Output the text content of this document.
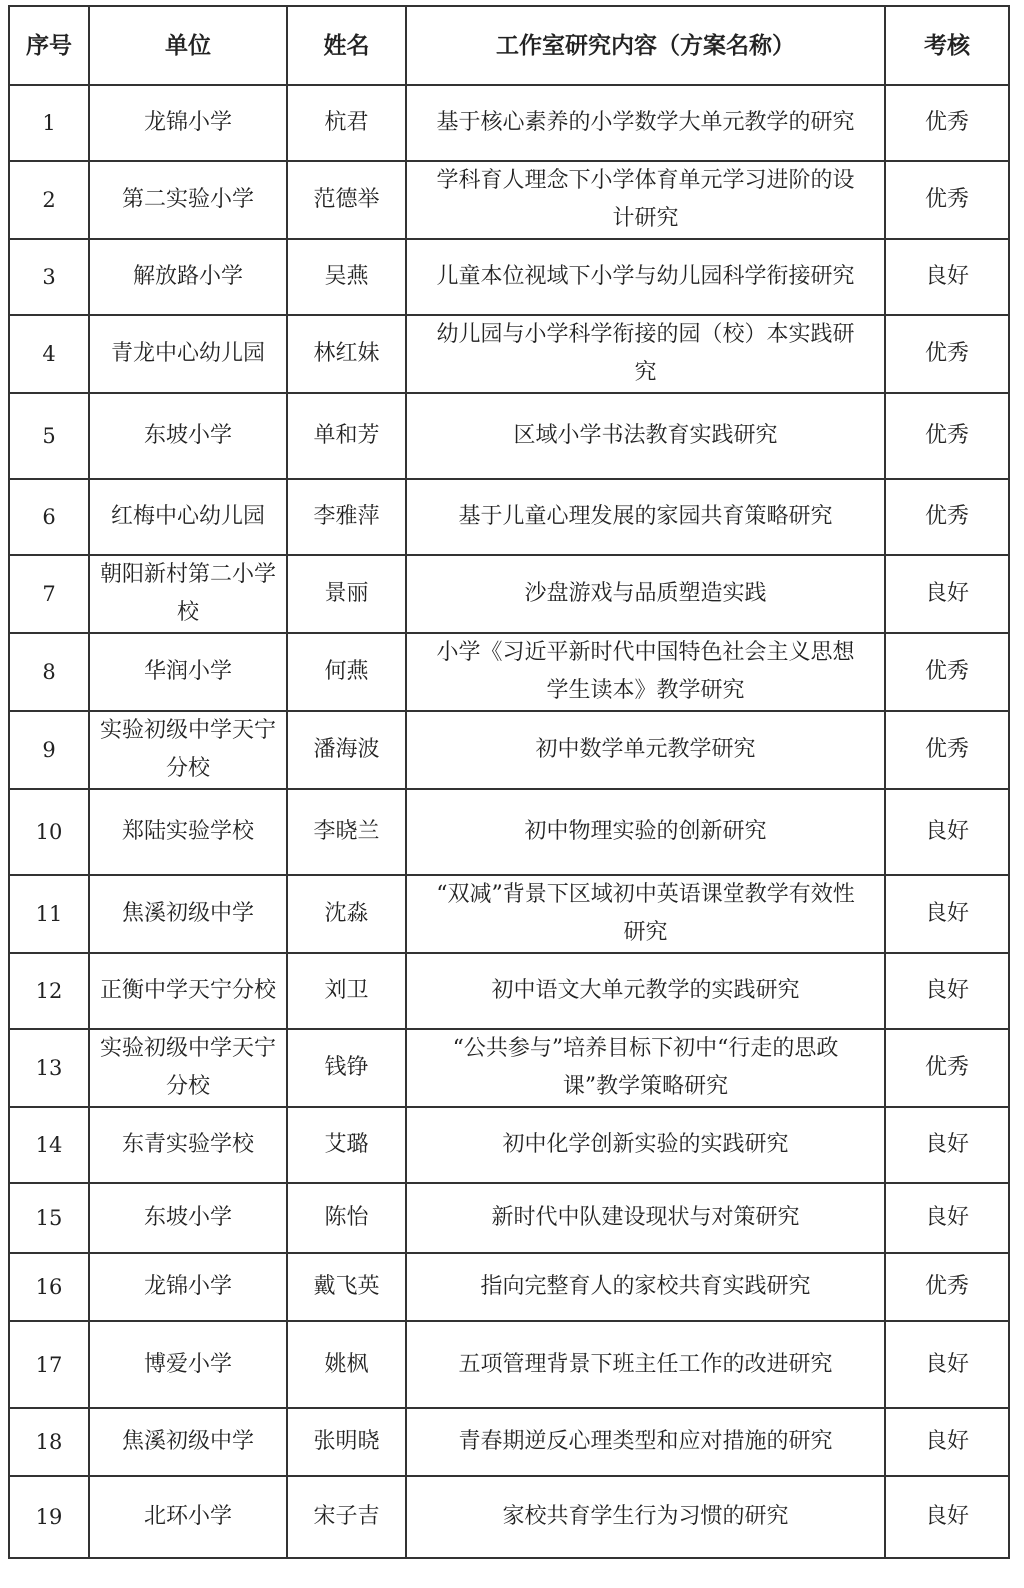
序号	单位	姓名	工作室研究内容（方案名称）	考核
1	龙锦小学	杭君	基于核心素养的小学数学大单元教学的研究	优秀
2	第二实验小学	范德举	学科育人理念下小学体育单元学习进阶的设计研究	优秀
3	解放路小学	吴燕	儿童本位视域下小学与幼儿园科学衔接研究	良好
4	青龙中心幼儿园	林红妹	幼儿园与小学科学衔接的园（校）本实践研究	优秀
5	东坡小学	单和芳	区域小学书法教育实践研究	优秀
6	红梅中心幼儿园	李雅萍	基于儿童心理发展的家园共育策略研究	优秀
7	朝阳新村第二小学校	景丽	沙盘游戏与品质塑造实践	良好
8	华润小学	何燕	小学《习近平新时代中国特色社会主义思想学生读本》教学研究	优秀
9	实验初级中学天宁分校	潘海波	初中数学单元教学研究	优秀
10	郑陆实验学校	李晓兰	初中物理实验的创新研究	良好
11	焦溪初级中学	沈淼	“双减”背景下区域初中英语课堂教学有效性研究	良好
12	正衡中学天宁分校	刘卫	初中语文大单元教学的实践研究	良好
13	实验初级中学天宁分校	钱铮	“公共参与”培养目标下初中“行走的思政课”教学策略研究	优秀
14	东青实验学校	艾璐	初中化学创新实验的实践研究	良好
15	东坡小学	陈怡	新时代中队建设现状与对策研究	良好
16	龙锦小学	戴飞英	指向完整育人的家校共育实践研究	优秀
17	博爱小学	姚枫	五项管理背景下班主任工作的改进研究	良好
18	焦溪初级中学	张明晓	青春期逆反心理类型和应对措施的研究	良好
19	北环小学	宋子吉	家校共育学生行为习惯的研究	良好
